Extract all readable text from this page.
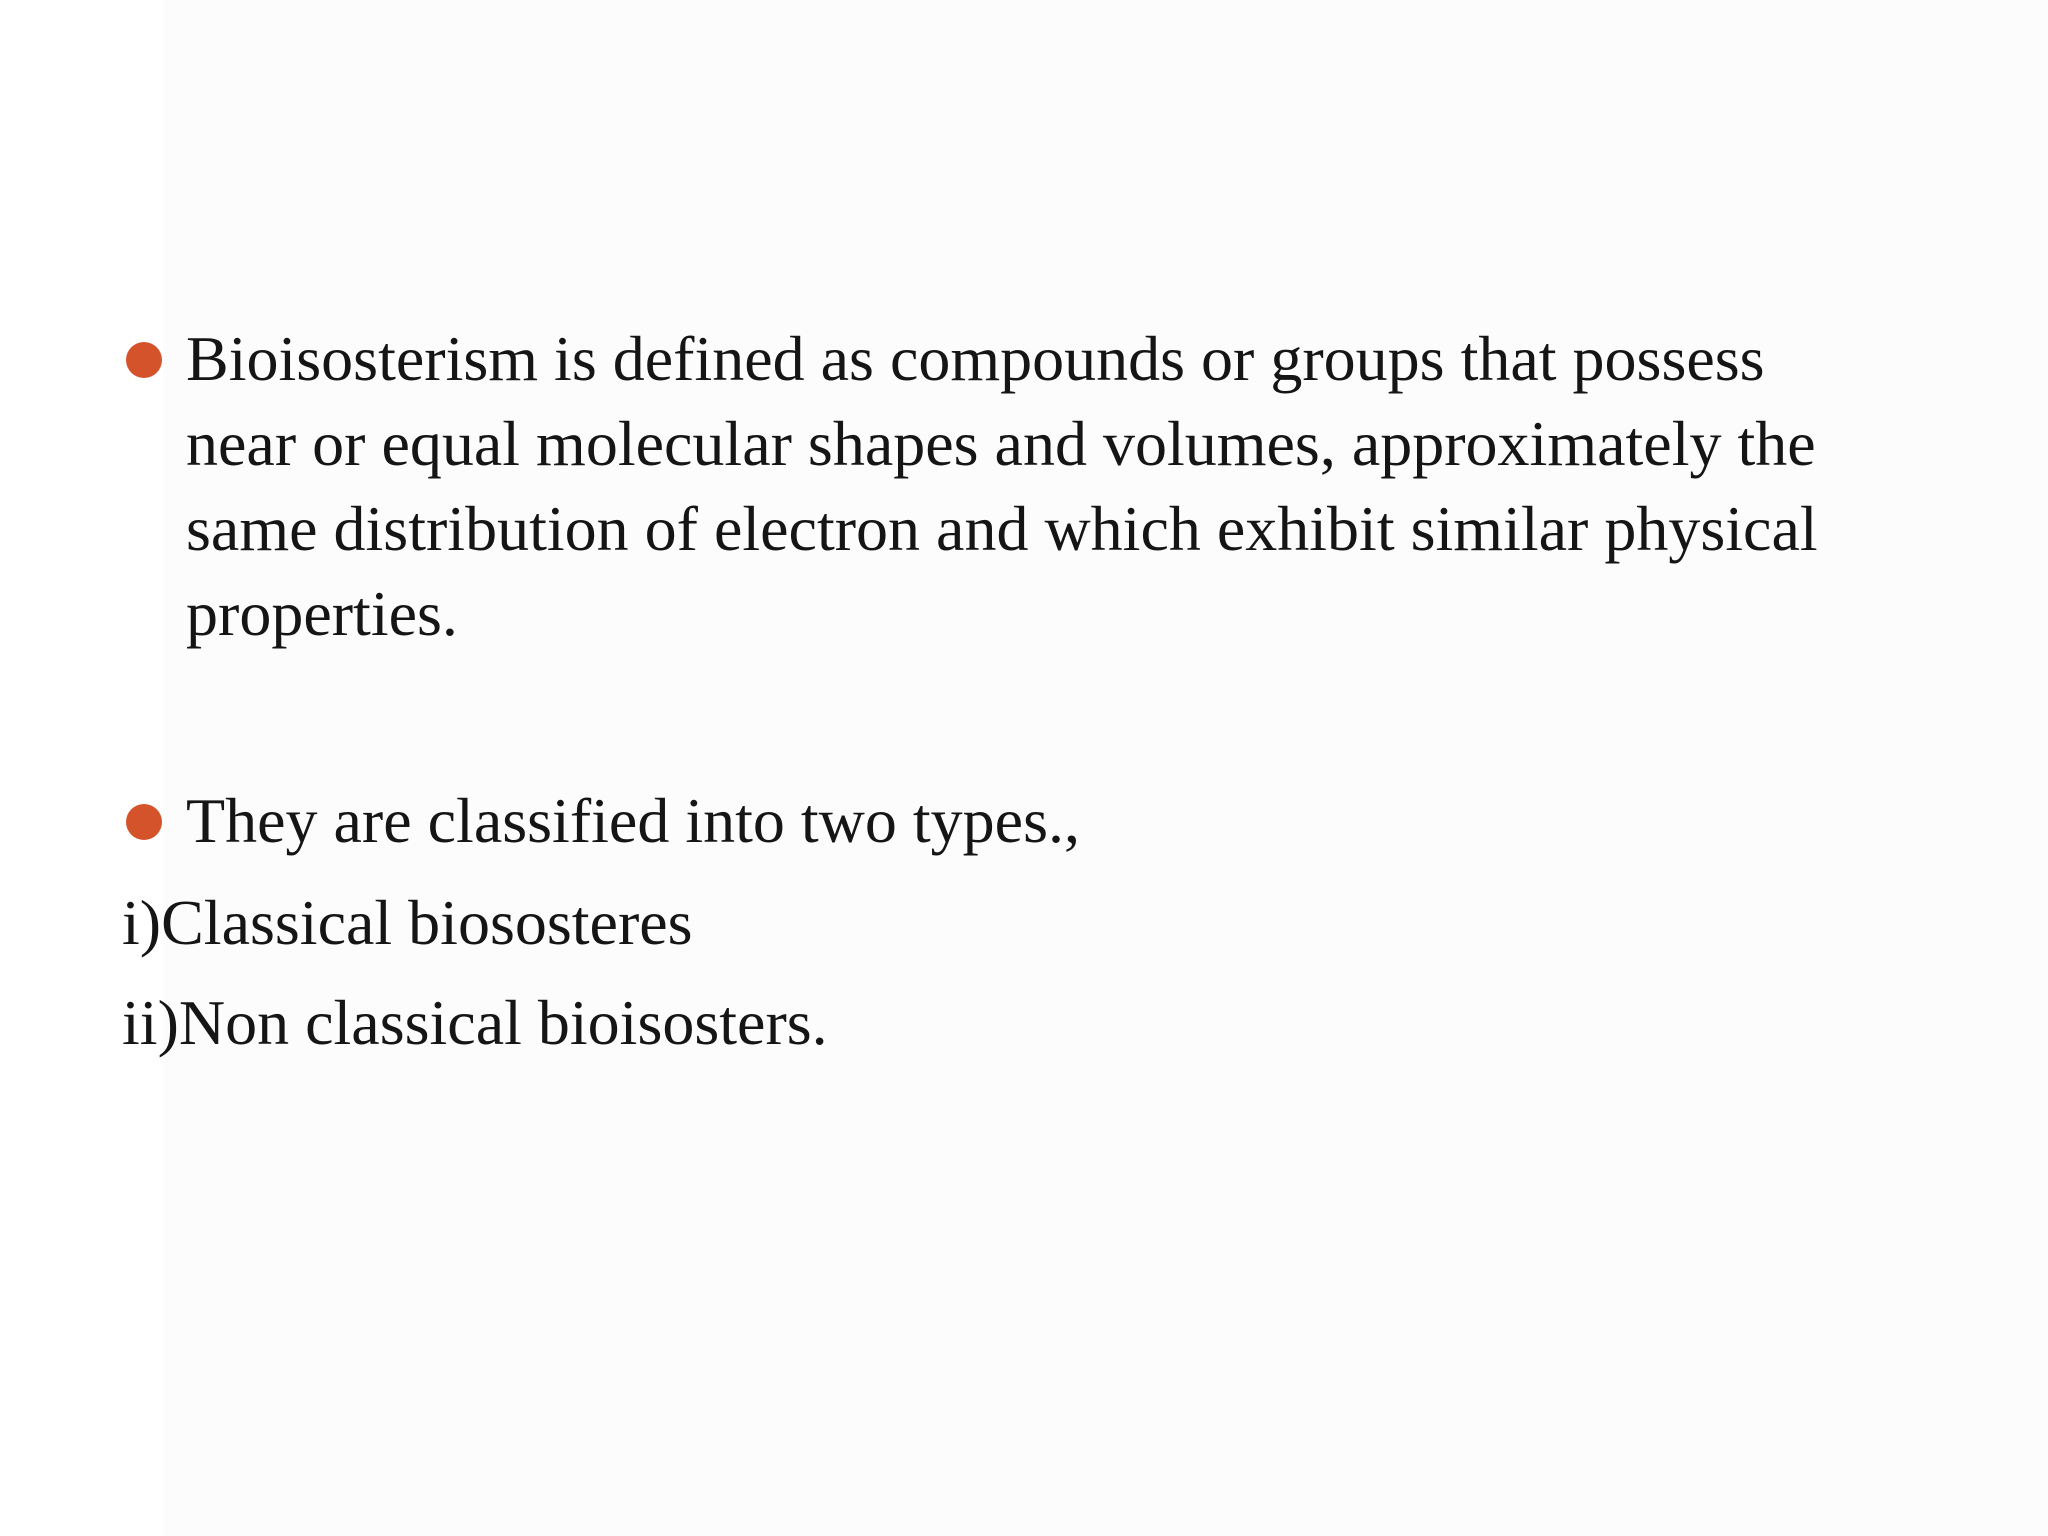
Bioisosterism is defined as compounds or groups that possess near or equal molecular shapes and volumes, approximately the same distribution of electron and which exhibit similar physical properties.

They are classified into two types.,

i)Classical biososteres

ii)Non classical bioisosters.
